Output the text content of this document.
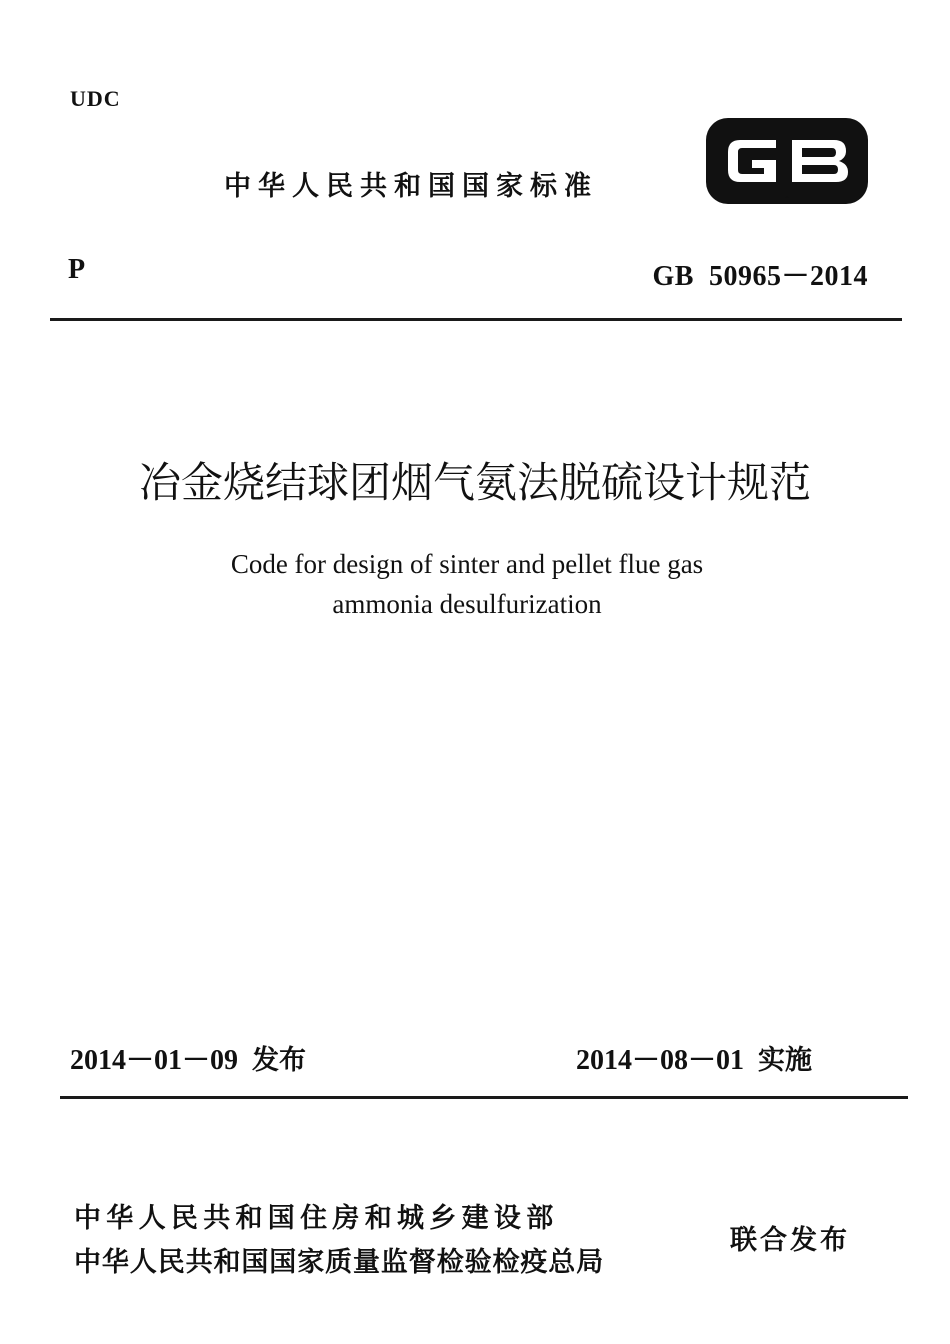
UDC
中华人民共和国国家标准	GB
P	GB  50965－2014
冶金烧结球团烟气氨法脱硫设计规范
Code for design of sinter and pellet flue gas
ammonia desulfurization
2014－01－09 发布	2014－08－01 实施
中华人民共和国住房和城乡建设部
中华人民共和国国家质量监督检验检疫总局
联合发布
